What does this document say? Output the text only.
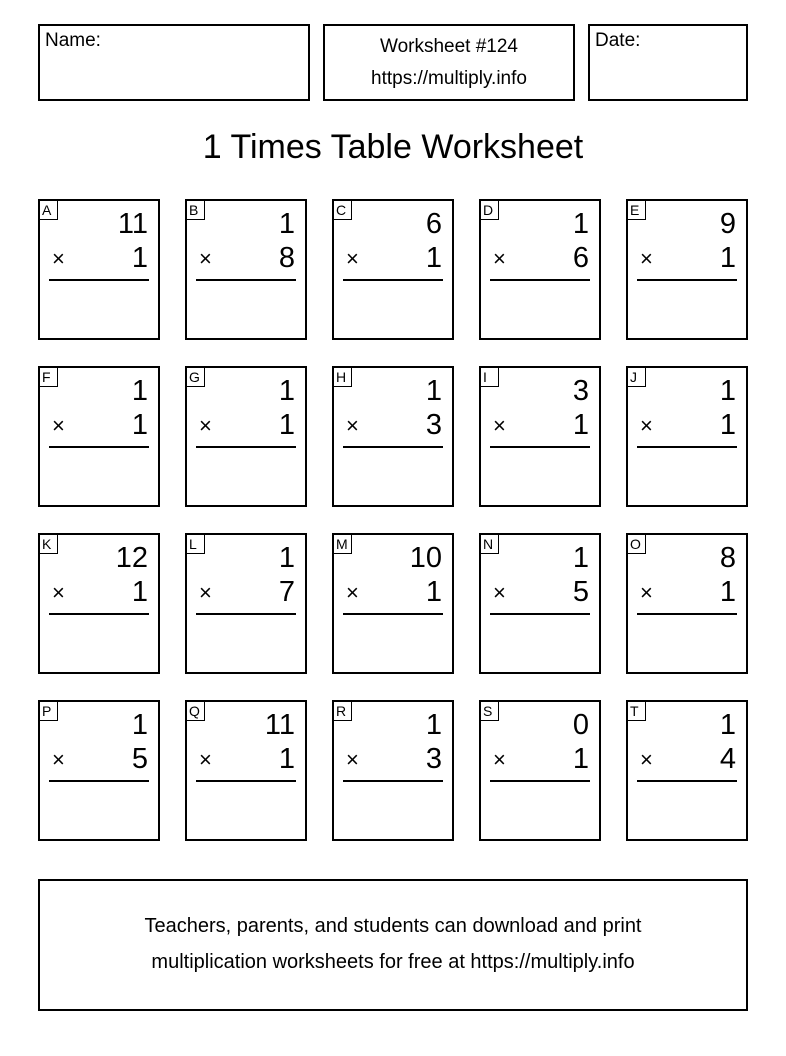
Name:	Worksheet #124
https://multiply.info
Date:
1 Times Table Worksheet
A 11
× 1
B	1
× 8
C	6
× 1
D	1
× 6
E	9
× 1
F	1
× 1
G	1
× 1
H	1
× 3
I	3
× 1
J	1
× 1
K 12
× 1
L	1
× 7
M 10
× 1
N	1
× 5
O	8
× 1
P	1
× 5
Q 11
× 1
R	1
× 3
S	0
× 1
T	1
× 4
Teachers, parents, and students can download and print
multiplication worksheets for free at https://multiply.info
